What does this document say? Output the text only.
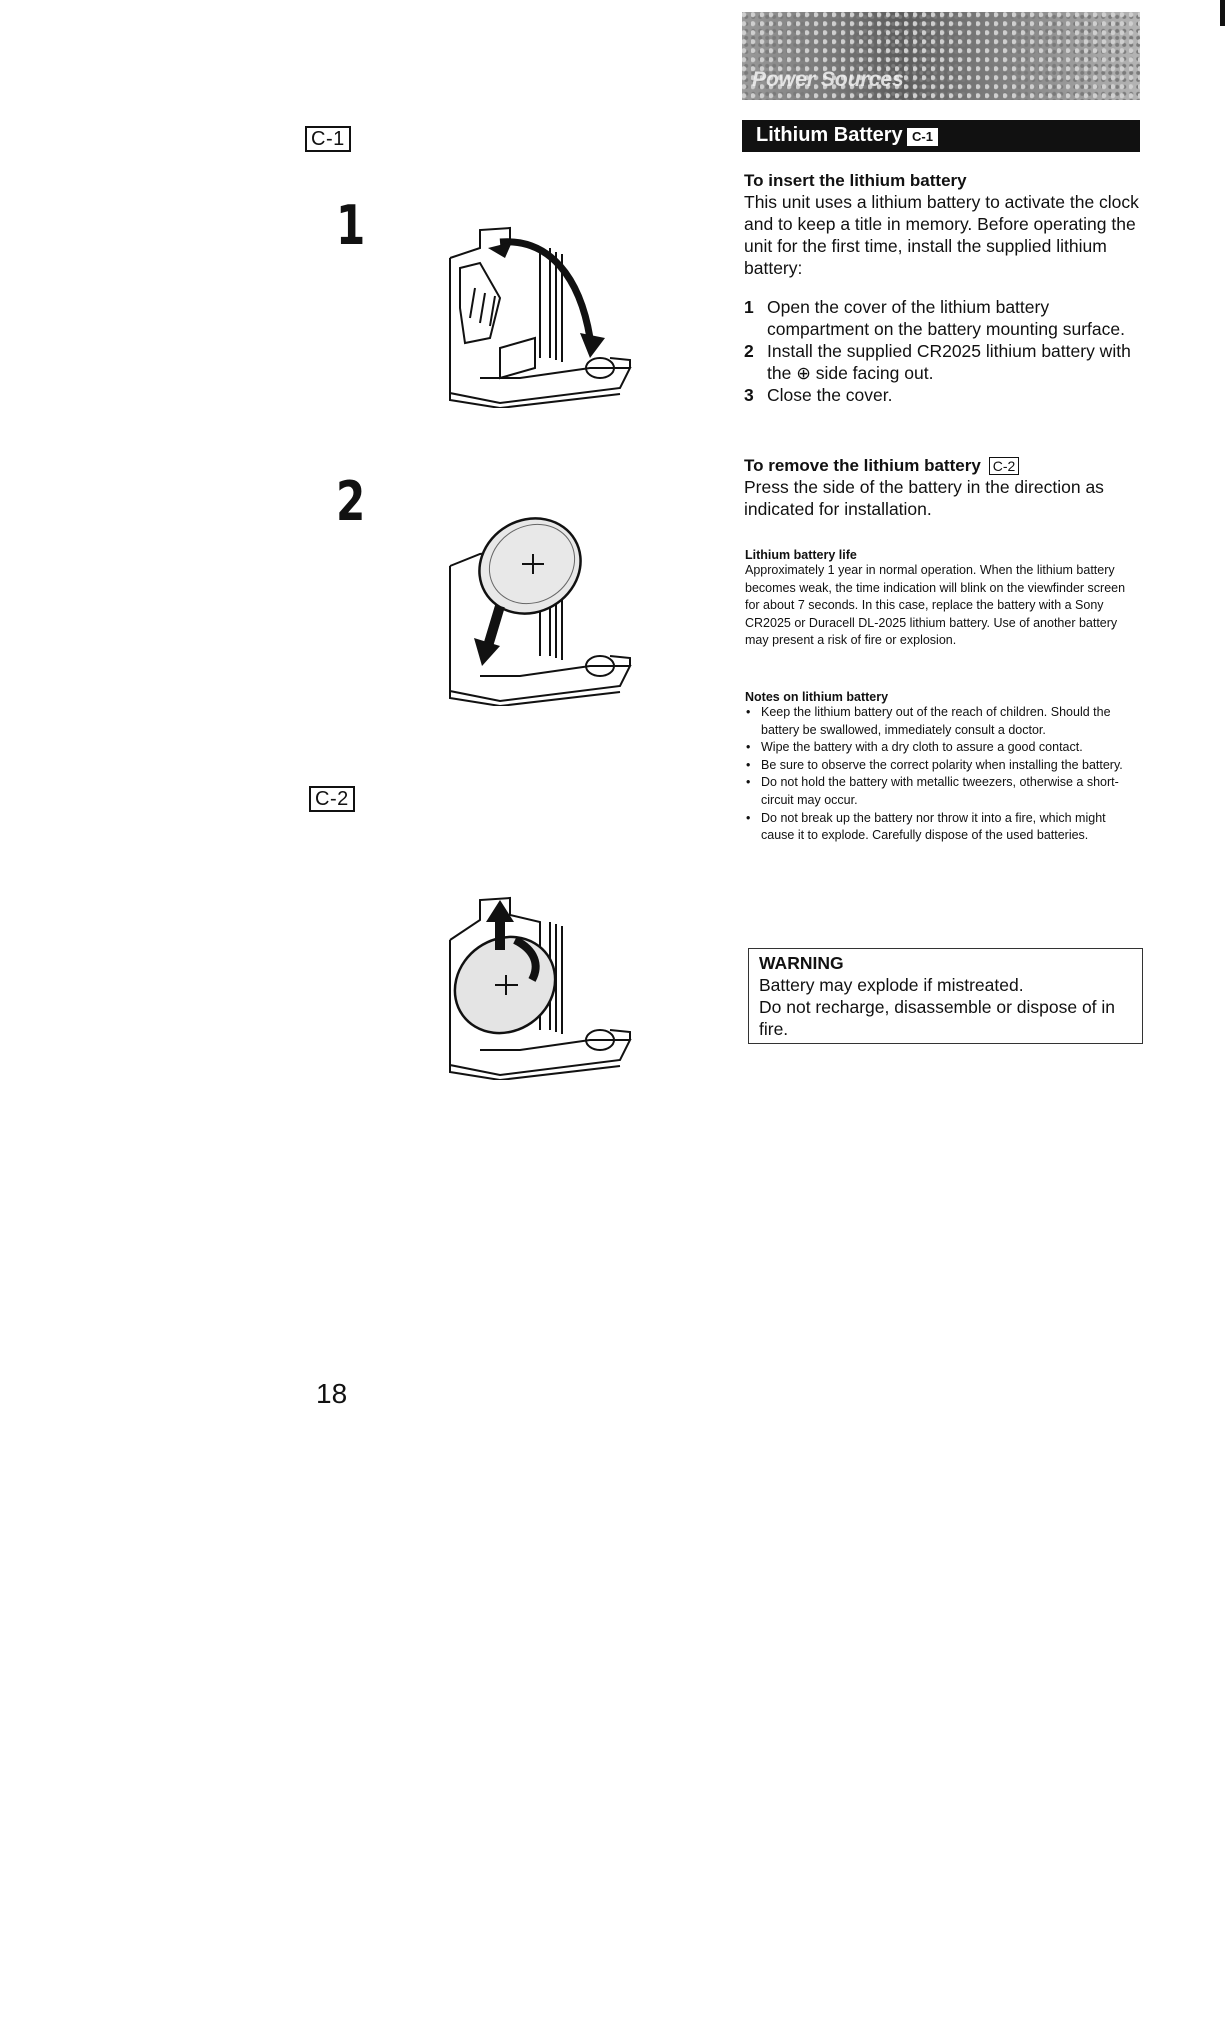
C-1
1
2
C-2
18
Power Sources
Lithium Battery C-1
To insert the lithium battery
This unit uses a lithium battery to activate the clock and to keep a title in memory. Before operating the unit for the first time, install the supplied lithium battery:
1 Open the cover of the lithium battery compartment on the battery mounting surface.
2 Install the supplied CR2025 lithium battery with the ⊕ side facing out.
3 Close the cover.
To remove the lithium battery C-2
Press the side of the battery in the direction as indicated for installation.
Lithium battery life
Approximately 1 year in normal operation. When the lithium battery becomes weak, the time indication will blink on the viewfinder screen for about 7 seconds. In this case, replace the battery with a Sony CR2025 or Duracell DL-2025 lithium battery. Use of another battery may present a risk of fire or explosion.
Notes on lithium battery
• Keep the lithium battery out of the reach of children. Should the battery be swallowed, immediately consult a doctor.
• Wipe the battery with a dry cloth to assure a good contact.
• Be sure to observe the correct polarity when installing the battery.
• Do not hold the battery with metallic tweezers, otherwise a short-circuit may occur.
• Do not break up the battery nor throw it into a fire, which might cause it to explode. Carefully dispose of the used batteries.
WARNING
Battery may explode if mistreated.
Do not recharge, disassemble or dispose of in fire.
